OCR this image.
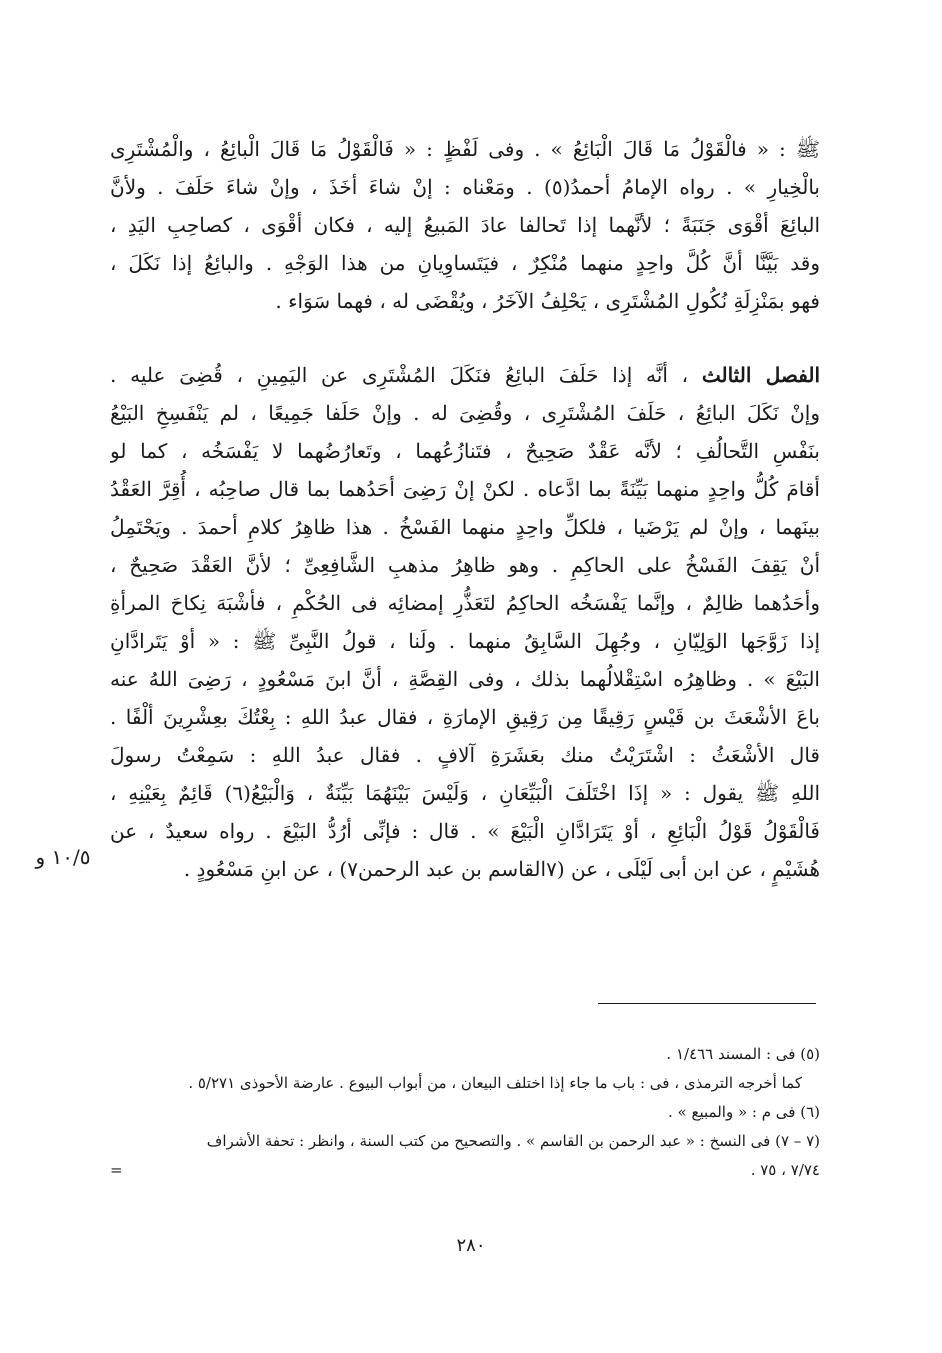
ﷺ : « فالْقَوْلُ مَا قَالَ الْبَائِعُ » . وفى لَفْظٍ : « فَالْقَوْلُ مَا قَالَ الْبائِعُ ، والْمُشْتَرِى
بالْخِيارِ » . رواه الإمامُ أحمدُ(٥) . ومَعْناه : إنْ شاءَ أخَذَ ، وإنْ شاءَ حَلَفَ . ولأنَّ
البائِعَ أقْوَى جَنَبَةً ؛ لأنَّهما إذا تَحالفا عادَ المَبيعُ إليه ، فكان أقْوَى ، كصاحِبِ اليَدِ ،
وقد بَيَّنَّا أنَّ كُلَّ واحِدٍ منهما مُنْكِرٌ ، فيَتَساوِيانِ من هذا الوَجْهِ . والبائِعُ إذا نَكَلَ ،
فهو بمَنْزِلَةِ نُكُولِ المُشْتَرِى ، يَحْلِفُ الآخَرُ ، ويُقْضَى له ، فهما سَوَاء .
الفصل الثالث ، أنَّه إذا حَلَفَ البائِعُ فنَكَلَ المُشْتَرِى عن اليَمِينِ ، قُضِىَ عليه .
وإنْ نَكَلَ البائِعُ ، حَلَفَ المُشْتَرِى ، وقُضِىَ له . وإنْ حَلَفا جَمِيعًا ، لم يَنْفَسِخِ البَيْعُ
بنَفْسِ التَّحالُفِ ؛ لأنَّه عَقْدٌ صَحِيحٌ ، فتَنازُعُهما ، وتَعارُضُهما لا يَفْسَخُه ، كما لو
أقامَ كُلُّ واحِدٍ منهما بَيِّنَةً بما ادَّعاه . لكنْ إنْ رَضِىَ أحَدُهما بما قال صاحِبُه ، أُقِرَّ العَقْدُ
بينَهما ، وإنْ لم يَرْضَيا ، فلكلِّ واحِدٍ منهما الفَسْخُ . هذا ظاهِرُ كلامِ أحمدَ . ويَحْتَمِلُ
أنْ يَقِفَ الفَسْخُ على الحاكِمِ . وهو ظاهِرُ مذهبِ الشَّافِعِىِّ ؛ لأنَّ العَقْدَ صَحِيحٌ ،
وأحَدُهما ظالِمٌ ، وإنَّما يَفْسَخُه الحاكِمُ لتَعَذُّرِ إمضائِه فى الحُكْمِ ، فأشْبَهَ نِكاحَ المرأةِ
إذا زَوَّجَها الوَلِيّانِ ، وجُهِلَ السَّابِقُ منهما . ولَنا ، قولُ النَّبِىِّ ﷺ : « أوْ يَتَرادَّانِ
البَيْعَ » . وظاهِرُه اسْتِقْلالُهما بذلك ، وفى القِصَّةِ ، أنَّ ابنَ مَسْعُودٍ ، رَضِىَ اللهُ عنه
باعَ الأشْعَثَ بن قَيْسٍ رَقِيقًا مِن رَقِيقِ الإمارَةِ ، فقال عبدُ اللهِ : بِعْتُكَ بعِشْرِينَ ألْفًا .
قال الأشْعَثُ : اشْتَرَيْتُ منك بعَشَرَةِ آلافٍ . فقال عبدُ اللهِ : سَمِعْتُ رسولَ
اللهِ ﷺ يقول : « إذَا اخْتَلَفَ الْبَيِّعَانِ ، وَلَيْسَ بَيْنَهُمَا بَيِّنَةٌ ، وَالْبَيْعُ(٦) قَائِمٌ بِعَيْنِهِ ،
فَالْقَوْلُ قَوْلُ الْبَائِعِ ، أوْ يَتَرَادَّانِ الْبَيْعَ » . قال : فإنِّى أرُدُّ البَيْعَ . رواه سعيدٌ ، عن
هُشَيْمٍ ، عن ابن أبى لَيْلَى ، عن (٧القاسم بن عبد الرحمن٧) ، عن ابنِ مَسْعُودٍ .
١٠/٥ و
(٥) فى : المسند ١/٤٦٦ .
كما أخرجه الترمذى ، فى : باب ما جاء إذا اختلف البيعان ، من أبواب البيوع . عارضة الأحوذى ٥/٢٧١ .
(٦) فى م : « والمبيع » .
(٧ – ٧) فى النسخ : « عبد الرحمن بن القاسم » . والتصحيح من كتب السنة ، وانظر : تحفة الأشراف
٧/٧٤ ، ٧٥ .
=
٢٨٠
